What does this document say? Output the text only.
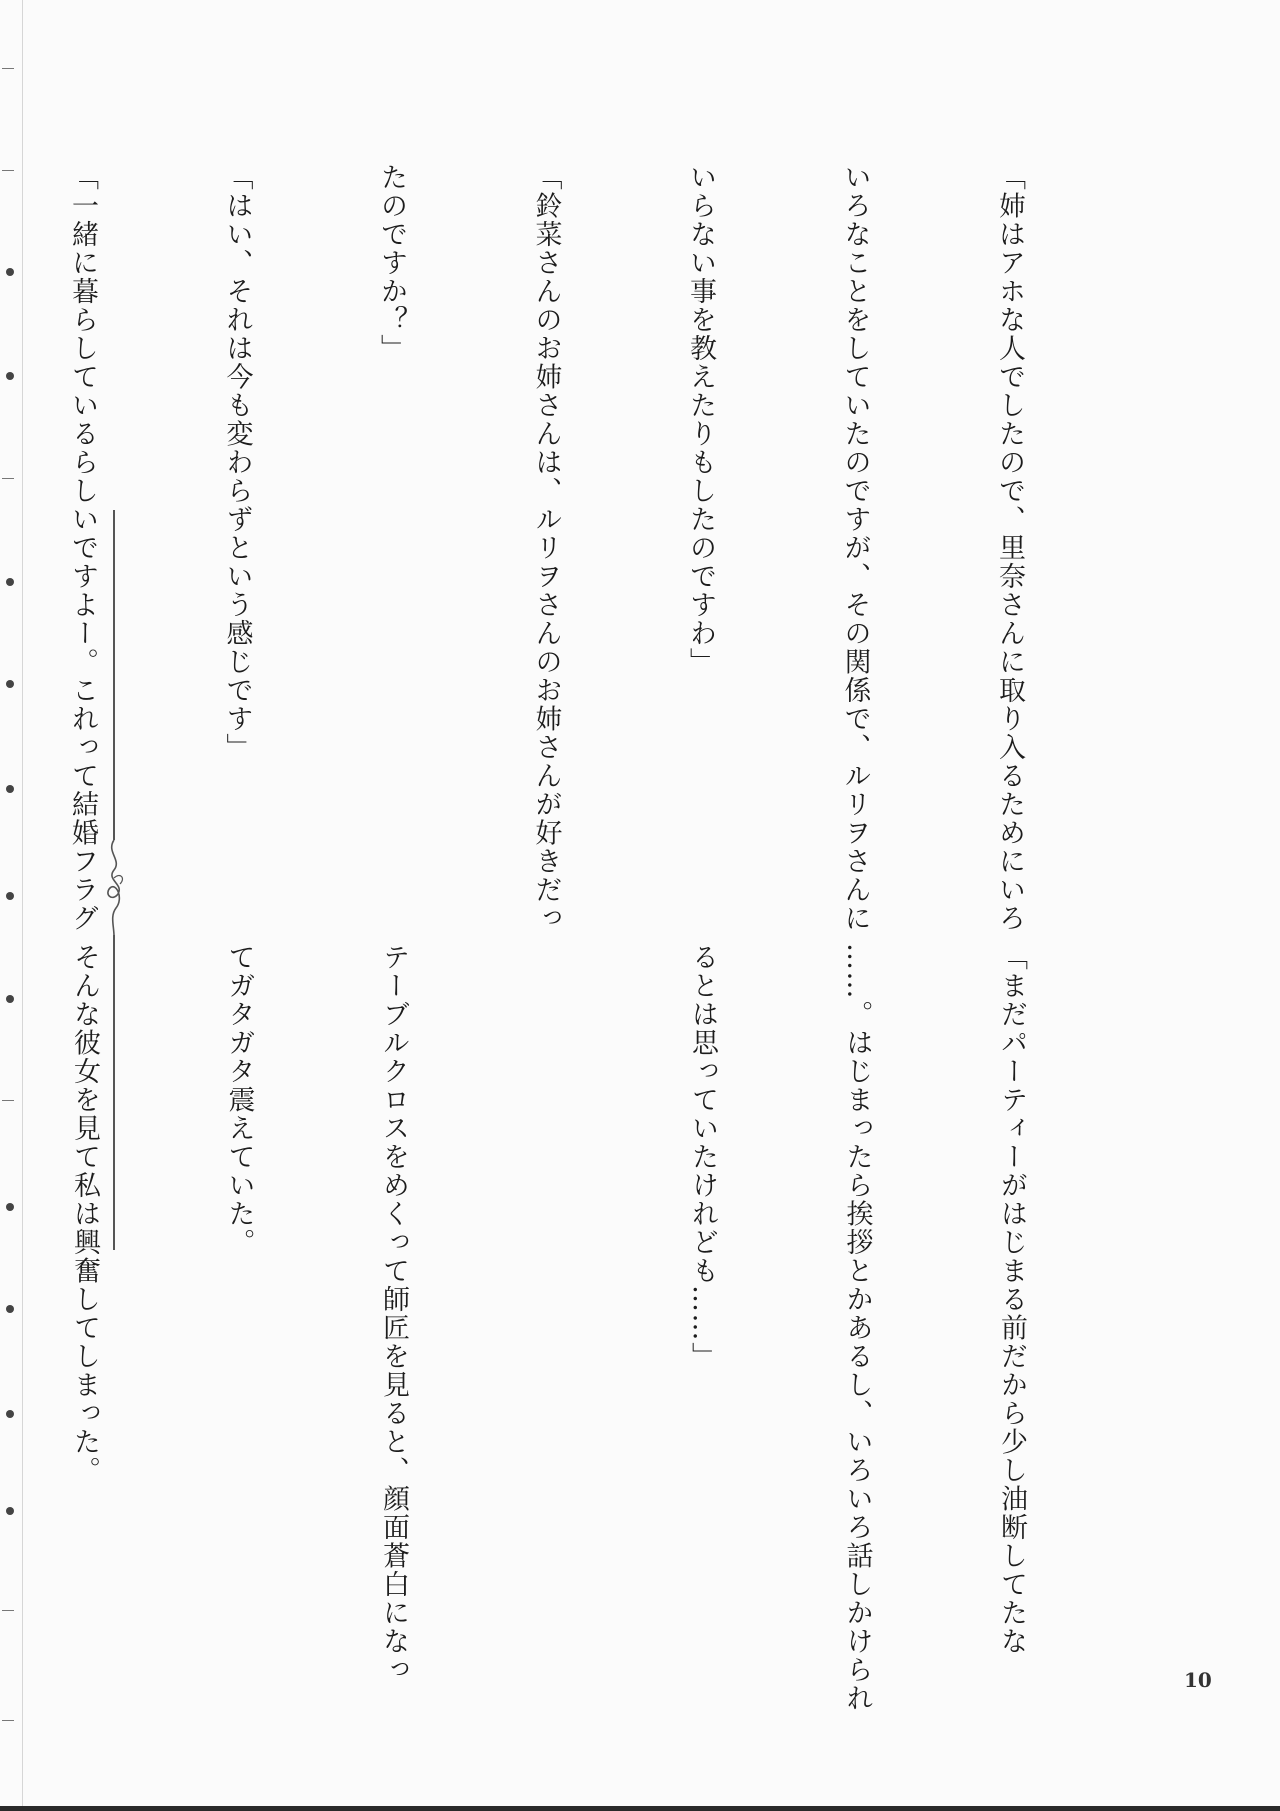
「姉はアホな人でしたので、里奈さんに取り入るためにいろ

いろなことをしていたのですが、その関係で、ルリヲさんに

いらない事を教えたりもしたのですわ」

「鈴菜さんのお姉さんは、ルリヲさんのお姉さんが好きだっ

たのですか？」

「はい、それは今も変わらずという感じです」

「一緒に暮らしているらしいですよー。これって結婚フラグ

「まだパーティーがはじまる前だから少し油断してたな

……。はじまったら挨拶とかあるし、いろいろ話しかけられ

るとは思っていたけれども……」

テーブルクロスをめくって師匠を見ると、顔面蒼白になっ

てガタガタ震えていた。

そんな彼女を見て私は興奮してしまった。

10
